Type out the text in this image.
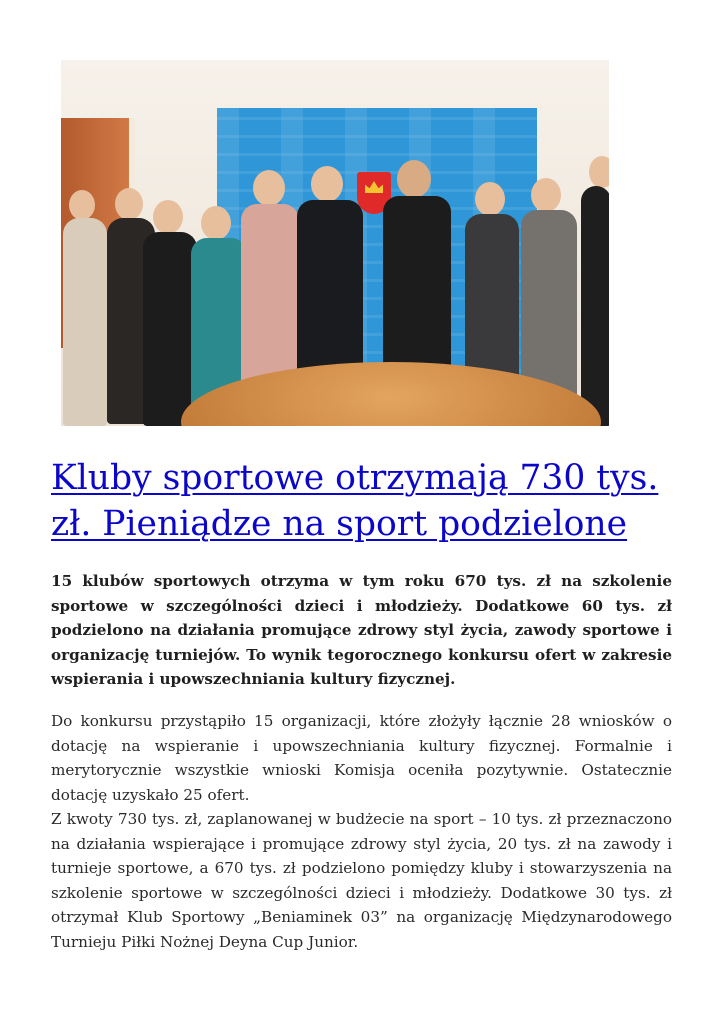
Kluby sportowe otrzymają 730 tys. zł. Pieniądze na sport podzielone

15 klubów sportowych otrzyma w tym roku 670 tys. zł na szkolenie sportowe w szczególności dzieci i młodzieży. Dodatkowe 60 tys. zł podzielono na działania promujące zdrowy styl życia, zawody sportowe i organizację turniejów. To wynik tegorocznego konkursu ofert w zakresie wspierania i upowszechniania kultury fizycznej.

Do konkursu przystąpiło 15 organizacji, które złożyły łącznie 28 wniosków o dotację na wspieranie i upowszechniania kultury fizycznej. Formalnie i merytorycznie wszystkie wnioski Komisja oceniła pozytywnie. Ostatecznie dotację uzyskało 25 ofert.

Z kwoty 730 tys. zł, zaplanowanej w budżecie na sport – 10 tys. zł przeznaczono na działania wspierające i promujące zdrowy styl życia, 20 tys. zł na zawody i turnieje sportowe, a 670 tys. zł podzielono pomiędzy kluby i stowarzyszenia na szkolenie sportowe w szczególności dzieci i młodzieży. Dodatkowe 30 tys. zł otrzymał Klub Sportowy „Beniaminek 03” na organizację Międzynarodowego Turnieju Piłki Nożnej Deyna Cup Junior.
